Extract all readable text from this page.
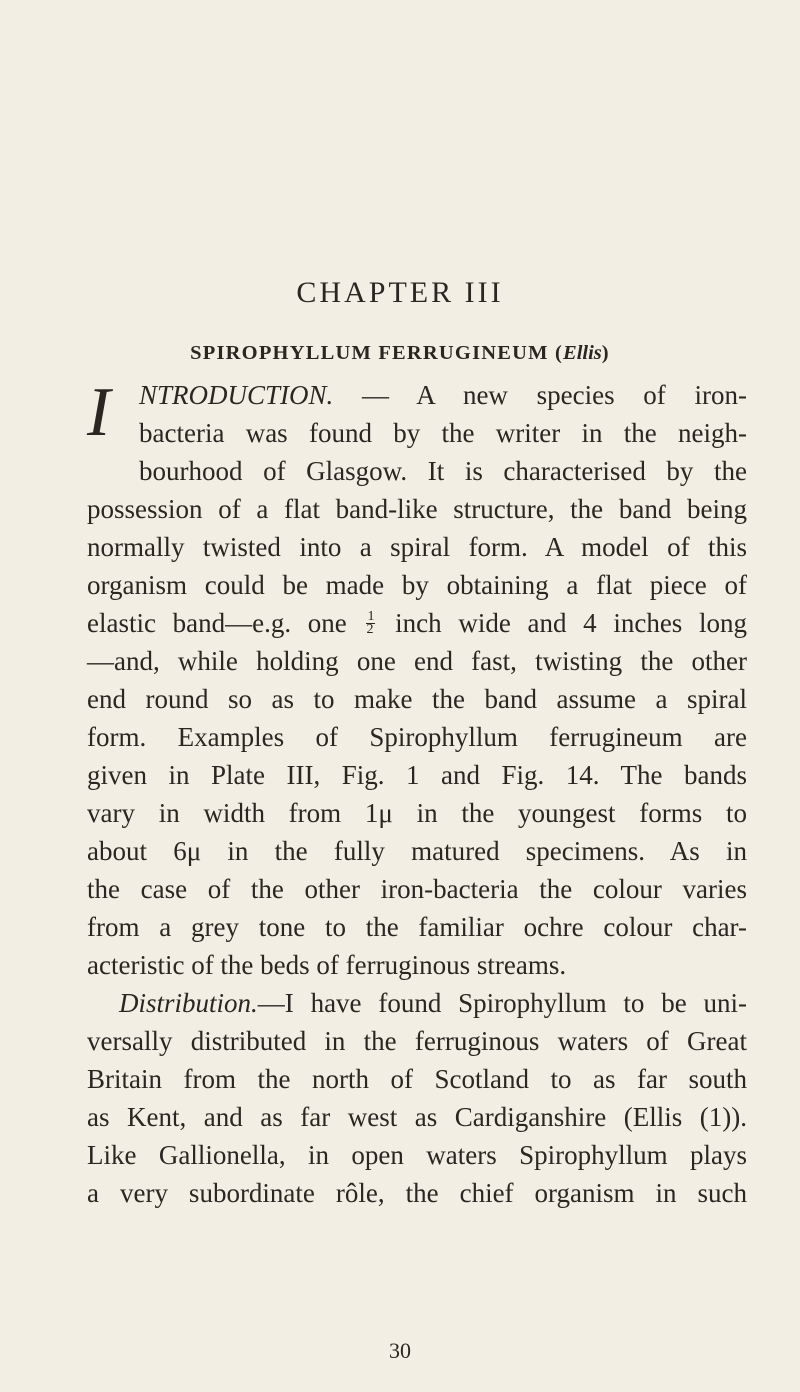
CHAPTER III
SPIROPHYLLUM FERRUGINEUM (Ellis)
I NTRODUCTION. — A new species of iron-
bacteria was found by the writer in the neigh-
bourhood of Glasgow. It is characterised by the
possession of a flat band-like structure, the band being
normally twisted into a spiral form. A model of this
organism could be made by obtaining a flat piece of
elastic band—e.g. one $\frac{1}{2}$ inch wide and 4 inches long
—and, while holding one end fast, twisting the other
end round so as to make the band assume a spiral
form. Examples of Spirophyllum ferrugineum are
given in Plate III, Fig. 1 and Fig. 14. The bands
vary in width from 1μ in the youngest forms to
about 6μ in the fully matured specimens. As in
the case of the other iron-bacteria the colour varies
from a grey tone to the familiar ochre colour char-
acteristic of the beds of ferruginous streams.
Distribution.—I have found Spirophyllum to be uni-
versally distributed in the ferruginous waters of Great
Britain from the north of Scotland to as far south
as Kent, and as far west as Cardiganshire (Ellis (1)).
Like Gallionella, in open waters Spirophyllum plays
a very subordinate rôle, the chief organism in such

30
